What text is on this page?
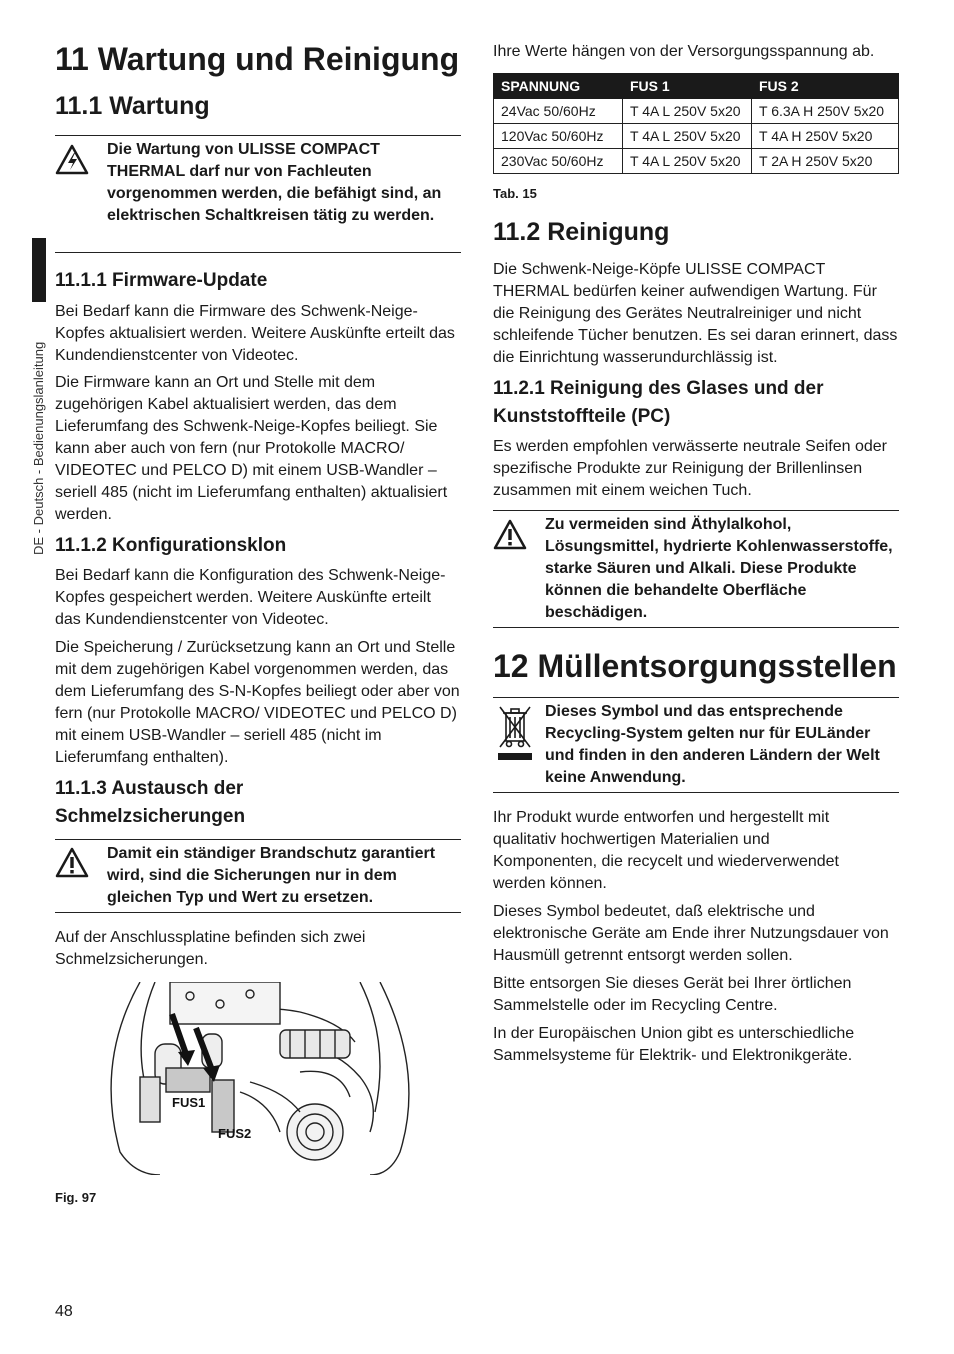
DE - Deutsch - Bedienungslanleitung
11 Wartung und Reinigung
11.1 Wartung
Die Wartung von ULISSE COMPACT THERMAL darf nur von Fachleuten vorgenommen werden, die befähigt sind, an elektrischen Schaltkreisen tätig zu werden.
11.1.1 Firmware-Update
Bei Bedarf kann die Firmware des Schwenk-Neige-Kopfes aktualisiert werden. Weitere Auskünfte erteilt das Kundendienstcenter von Videotec.
Die Firmware kann an Ort und Stelle mit dem zugehörigen Kabel aktualisiert werden, das dem Lieferumfang des Schwenk-Neige-Kopfes beiliegt. Sie kann aber auch von fern (nur Protokolle MACRO/ VIDEOTEC und PELCO D) mit einem USB-Wandler – seriell 485 (nicht im Lieferumfang enthalten) aktualisiert werden.
11.1.2 Konfigurationsklon
Bei Bedarf kann die Konfiguration des Schwenk-Neige-Kopfes gespeichert werden. Weitere Auskünfte erteilt das Kundendienstcenter von Videotec.
Die Speicherung / Zurücksetzung kann an Ort und Stelle mit dem zugehörigen Kabel vorgenommen werden, das dem Lieferumfang des S-N-Kopfes beiliegt oder aber von fern (nur Protokolle MACRO/ VIDEOTEC und PELCO D) mit einem USB-Wandler – seriell 485 (nicht im Lieferumfang enthalten).
11.1.3 Austausch der Schmelzsicherungen
Damit ein ständiger Brandschutz garantiert wird, sind die Sicherungen nur in dem gleichen Typ und Wert zu ersetzen.
Auf der Anschlussplatine befinden sich zwei Schmelzsicherungen.
FUS1
FUS2
Fig. 97
Ihre Werte hängen von der Versorgungsspannung ab.
SPANNUNG	FUS 1	FUS 2
24Vac 50/60Hz	T 4A L 250V 5x20	T 6.3A H 250V 5x20
120Vac 50/60Hz	T 4A L 250V 5x20	T 4A H 250V 5x20
230Vac 50/60Hz	T 4A L 250V 5x20	T 2A H 250V 5x20
Tab. 15
11.2 Reinigung
Die Schwenk-Neige-Köpfe ULISSE COMPACT THERMAL bedürfen keiner aufwendigen Wartung. Für die Reinigung des Gerätes Neutralreiniger und nicht schleifende Tücher benutzen. Es sei daran erinnert, dass die Einrichtung wasserundurchlässig ist.
11.2.1 Reinigung des Glases und der Kunststoffteile (PC)
Es werden empfohlen verwässerte neutrale Seifen oder spezifische Produkte zur Reinigung der Brillenlinsen zusammen mit einem weichen Tuch.
Zu vermeiden sind Äthylalkohol, Lösungsmittel, hydrierte Kohlenwasserstoffe, starke Säuren und Alkali. Diese Produkte können die behandelte Oberfläche beschädigen.
12 Müllentsorgungsstellen
Dieses Symbol und das entsprechende Recycling-System gelten nur für EULänder und finden in den anderen Ländern der Welt keine Anwendung.
Ihr Produkt wurde entworfen und hergestellt mit qualitativ hochwertigen Materialien und Komponenten, die recycelt und wiederverwendet werden können.
Dieses Symbol bedeutet, daß elektrische und elektronische Geräte am Ende ihrer Nutzungsdauer von Hausmüll getrennt entsorgt werden sollen.
Bitte entsorgen Sie dieses Gerät bei Ihrer örtlichen Sammelstelle oder im Recycling Centre.
In der Europäischen Union gibt es unterschiedliche Sammelsysteme für Elektrik- und Elektronikgeräte.
48
